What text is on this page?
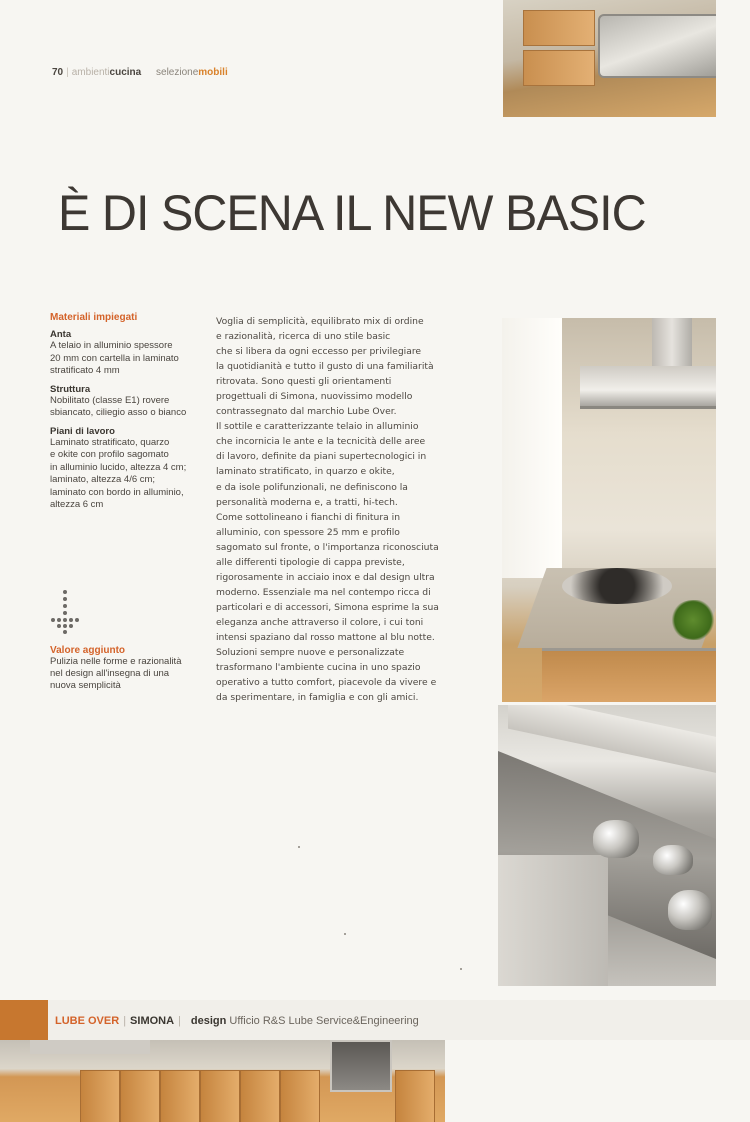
70 | ambienticucina selezionemobili
È DI SCENA IL NEW BASIC
Materiali impiegati
Anta
A telaio in alluminio spessore
20 mm con cartella in laminato
stratificato 4 mm
Struttura
Nobilitato (classe E1) rovere
sbiancato, ciliegio asso o bianco
Piani di lavoro
Laminato stratificato, quarzo
e okite con profilo sagomato
in alluminio lucido, altezza 4 cm;
laminato, altezza 4/6 cm;
laminato con bordo in alluminio,
altezza 6 cm
Valore aggiunto
Pulizia nelle forme e razionalità
nel design all'insegna di una
nuova semplicità
Voglia di semplicità, equilibrato mix di ordine
e razionalità, ricerca di uno stile basic
che si libera da ogni eccesso per privilegiare
la quotidianità e tutto il gusto di una familiarità
ritrovata. Sono questi gli orientamenti
progettuali di Simona, nuovissimo modello
contrassegnato dal marchio Lube Over.
Il sottile e caratterizzante telaio in alluminio
che incornicia le ante e la tecnicità delle aree
di lavoro, definite da piani supertecnologici in
laminato stratificato, in quarzo e okite,
e da isole polifunzionali, ne definiscono la
personalità moderna e, a tratti, hi-tech.
Come sottolineano i fianchi di finitura in
alluminio, con spessore 25 mm e profilo
sagomato sul fronte, o l'importanza riconosciuta
alle differenti tipologie di cappa previste,
rigorosamente in acciaio inox e dal design ultra
moderno. Essenziale ma nel contempo ricca di
particolari e di accessori, Simona esprime la sua
eleganza anche attraverso il colore, i cui toni
intensi spaziano dal rosso mattone al blu notte.
Soluzioni sempre nuove e personalizzate
trasformano l'ambiente cucina in uno spazio
operativo a tutto comfort, piacevole da vivere e
da sperimentare, in famiglia e con gli amici.
LUBE OVER | SIMONA | design Ufficio R&S Lube Service&Engineering
